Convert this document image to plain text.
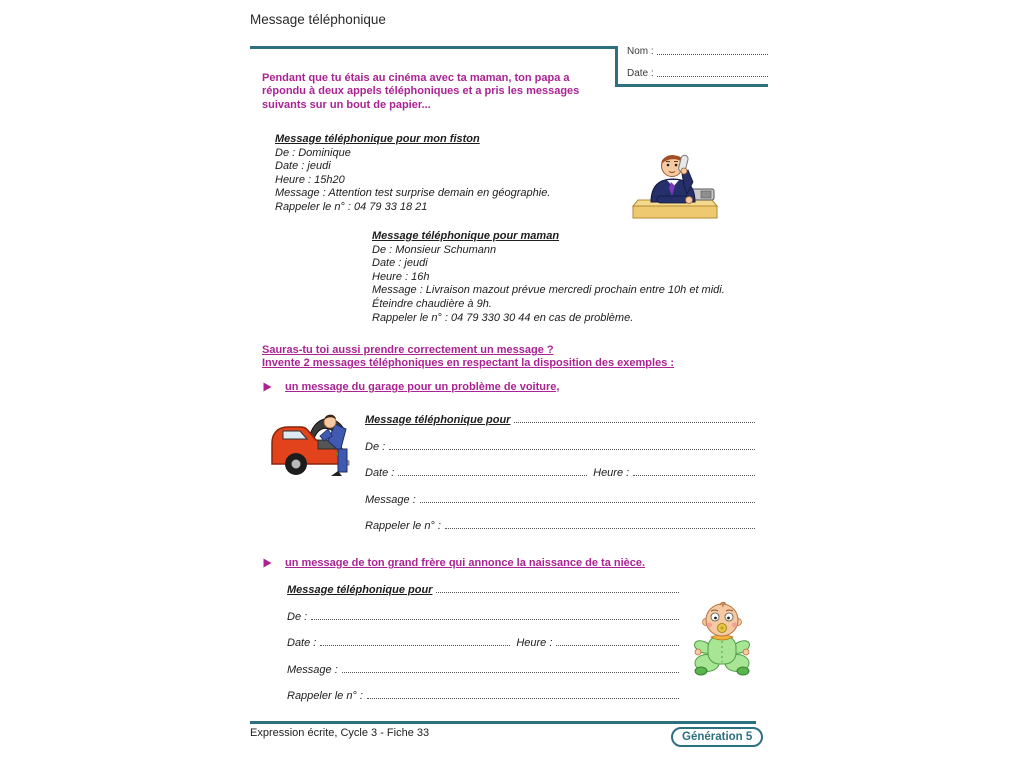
Message téléphonique
Nom :
Date :
Pendant que tu étais au cinéma avec ta maman, ton papa a
répondu à deux appels téléphoniques et a pris les messages
suivants sur un bout de papier...
Message téléphonique pour mon fiston
De : Dominique
Date : jeudi
Heure : 15h20
Message : Attention test surprise demain en géographie.
Rappeler le n° : 04 79 33 18 21
Message téléphonique pour maman
De : Monsieur Schumann
Date : jeudi
Heure : 16h
Message : Livraison mazout prévue mercredi prochain entre 10h et midi.
Éteindre chaudière à 9h.
Rappeler le n° : 04 79 330 30 44 en cas de problème.
Sauras-tu toi aussi prendre correctement un message ?
Invente 2 messages téléphoniques en respectant la disposition des exemples :
un message du garage pour un problème de voiture,
Message téléphonique pour
De :
Date :	Heure :
Message :
Rappeler le n° :
un message de ton grand frère qui annonce la naissance de ta nièce.
Message téléphonique pour
De :
Date :	Heure :
Message :
Rappeler le n° :
Expression écrite, Cycle 3 - Fiche 33	Génération 5
